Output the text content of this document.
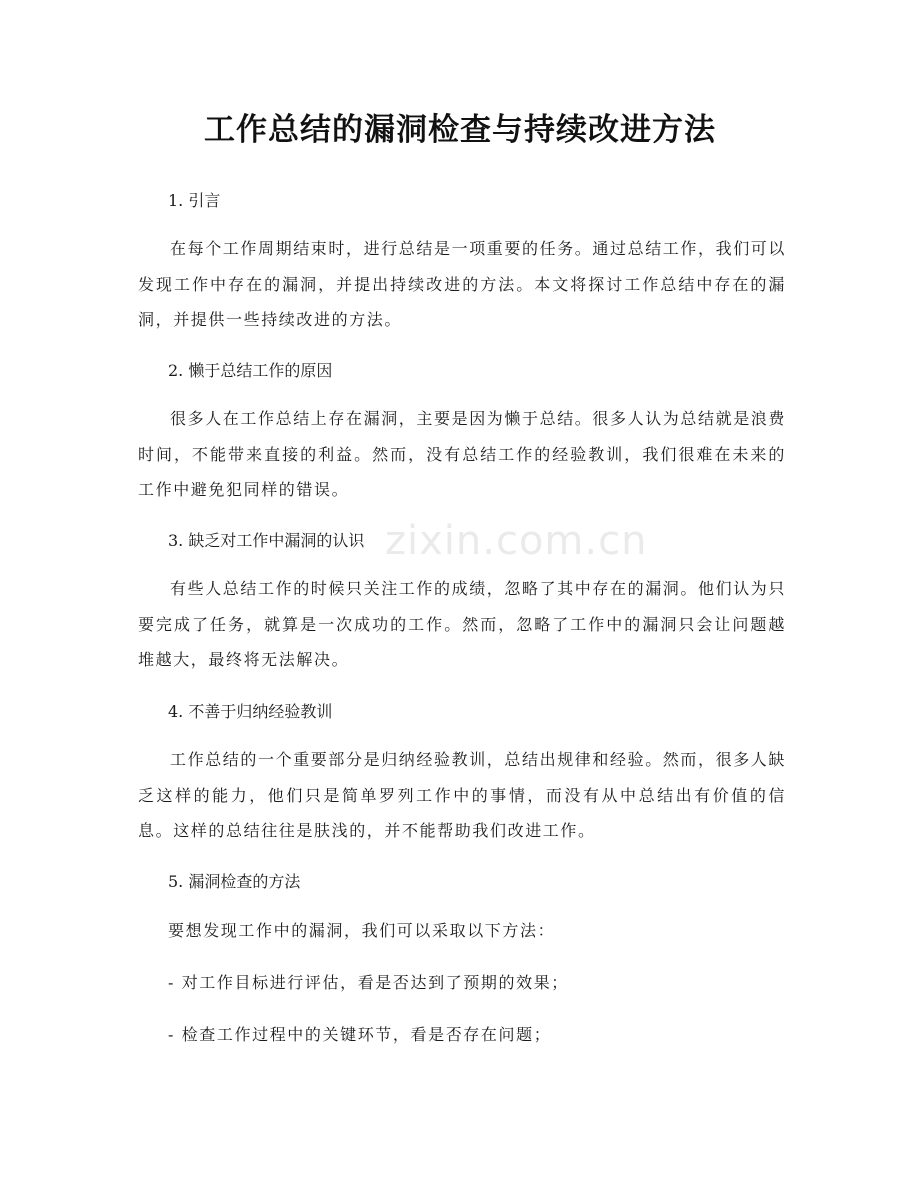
zixin.com.cn
工作总结的漏洞检查与持续改进方法
1. 引言
在每个工作周期结束时，进行总结是一项重要的任务。通过总结工作，我们可以发现工作中存在的漏洞，并提出持续改进的方法。本文将探讨工作总结中存在的漏洞，并提供一些持续改进的方法。
2. 懒于总结工作的原因
很多人在工作总结上存在漏洞，主要是因为懒于总结。很多人认为总结就是浪费时间，不能带来直接的利益。然而，没有总结工作的经验教训，我们很难在未来的工作中避免犯同样的错误。
3. 缺乏对工作中漏洞的认识
有些人总结工作的时候只关注工作的成绩，忽略了其中存在的漏洞。他们认为只要完成了任务，就算是一次成功的工作。然而，忽略了工作中的漏洞只会让问题越堆越大，最终将无法解决。
4. 不善于归纳经验教训
工作总结的一个重要部分是归纳经验教训，总结出规律和经验。然而，很多人缺乏这样的能力，他们只是简单罗列工作中的事情，而没有从中总结出有价值的信息。这样的总结往往是肤浅的，并不能帮助我们改进工作。
5. 漏洞检查的方法
要想发现工作中的漏洞，我们可以采取以下方法：
- 对工作目标进行评估，看是否达到了预期的效果；
- 检查工作过程中的关键环节，看是否存在问题；
